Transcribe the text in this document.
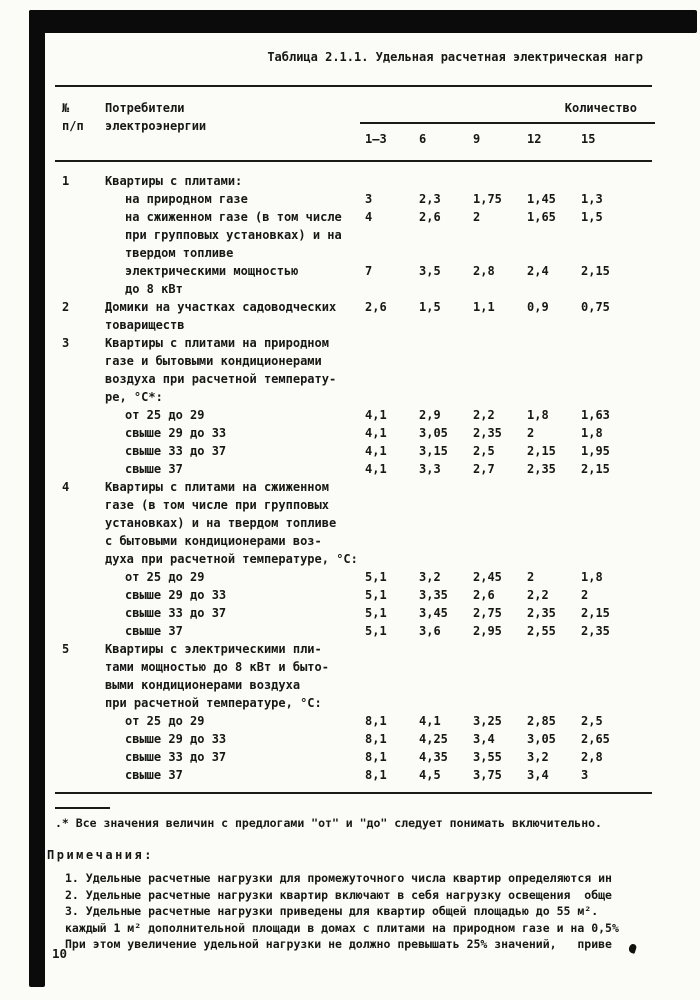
Таблица 2.1.1. Удельная расчетная электрическая нагр
№
п/п
Потребители
электроэнергии
Количество
1—3	6	9	12	15
1	Квартиры с плитами:
на природном газе	3	2,3	1,75	1,45	1,3
на сжиженном газе (в том числе
при групповых установках) и на
твердом топливе
4	2,6	2	1,65	1,5
электрическими мощностью
до 8 кВт
7	3,5	2,8	2,4	2,15
2	Домики на участках садоводческих
товариществ
2,6	1,5	1,1	0,9	0,75
3	Квартиры с плитами на природном
газе и бытовыми кондиционерами
воздуха при расчетной температу-
ре, °С*:
от 25 до 29	4,1	2,9	2,2	1,8	1,63
свыше 29 до 33	4,1	3,05	2,35	2	1,8
свыше 33 до 37	4,1	3,15	2,5	2,15	1,95
свыше 37	4,1	3,3	2,7	2,35	2,15
4	Квартиры с плитами на сжиженном
газе (в том числе при групповых
установках) и на твердом топливе
с бытовыми кондиционерами воз-
духа при расчетной температуре, °С:
от 25 до 29	5,1	3,2	2,45	2	1,8
свыше 29 до 33	5,1	3,35	2,6	2,2	2
свыше 33 до 37	5,1	3,45	2,75	2,35	2,15
свыше 37	5,1	3,6	2,95	2,55	2,35
5	Квартиры с электрическими пли-
тами мощностью до 8 кВт и быто-
выми кондиционерами воздуха
при расчетной температуре, °С:
от 25 до 29	8,1	4,1	3,25	2,85	2,5
свыше 29 до 33	8,1	4,25	3,4	3,05	2,65
свыше 33 до 37	8,1	4,35	3,55	3,2	2,8
свыше 37	8,1	4,5	3,75	3,4	3
.* Все значения величин с предлогами "от" и "до" следует понимать включительно.
Примечания:
1. Удельные расчетные нагрузки для промежуточного числа квартир определяются ин
2. Удельные расчетные нагрузки квартир включают в себя нагрузку освещения  обще
3. Удельные расчетные нагрузки приведены для квартир общей площадью до 55 м².
каждый 1 м² дополнительной площади в домах с плитами на природном газе и на 0,5%
При этом увеличение удельной нагрузки не должно превышать 25% значений,   приве
10
